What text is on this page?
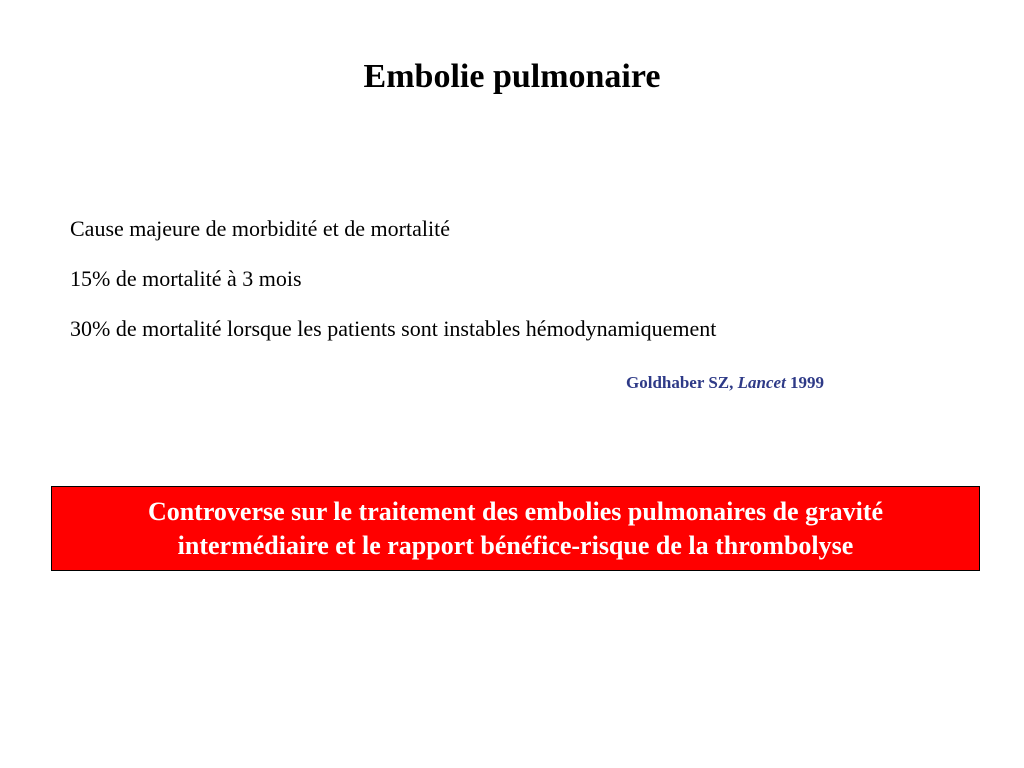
Embolie pulmonaire
Cause majeure de morbidité et de mortalité
15% de mortalité à 3 mois
30% de mortalité lorsque les patients sont instables hémodynamiquement
Goldhaber SZ, Lancet 1999
Controverse sur le traitement des embolies pulmonaires de gravité
intermédiaire et le rapport bénéfice-risque de la thrombolyse
